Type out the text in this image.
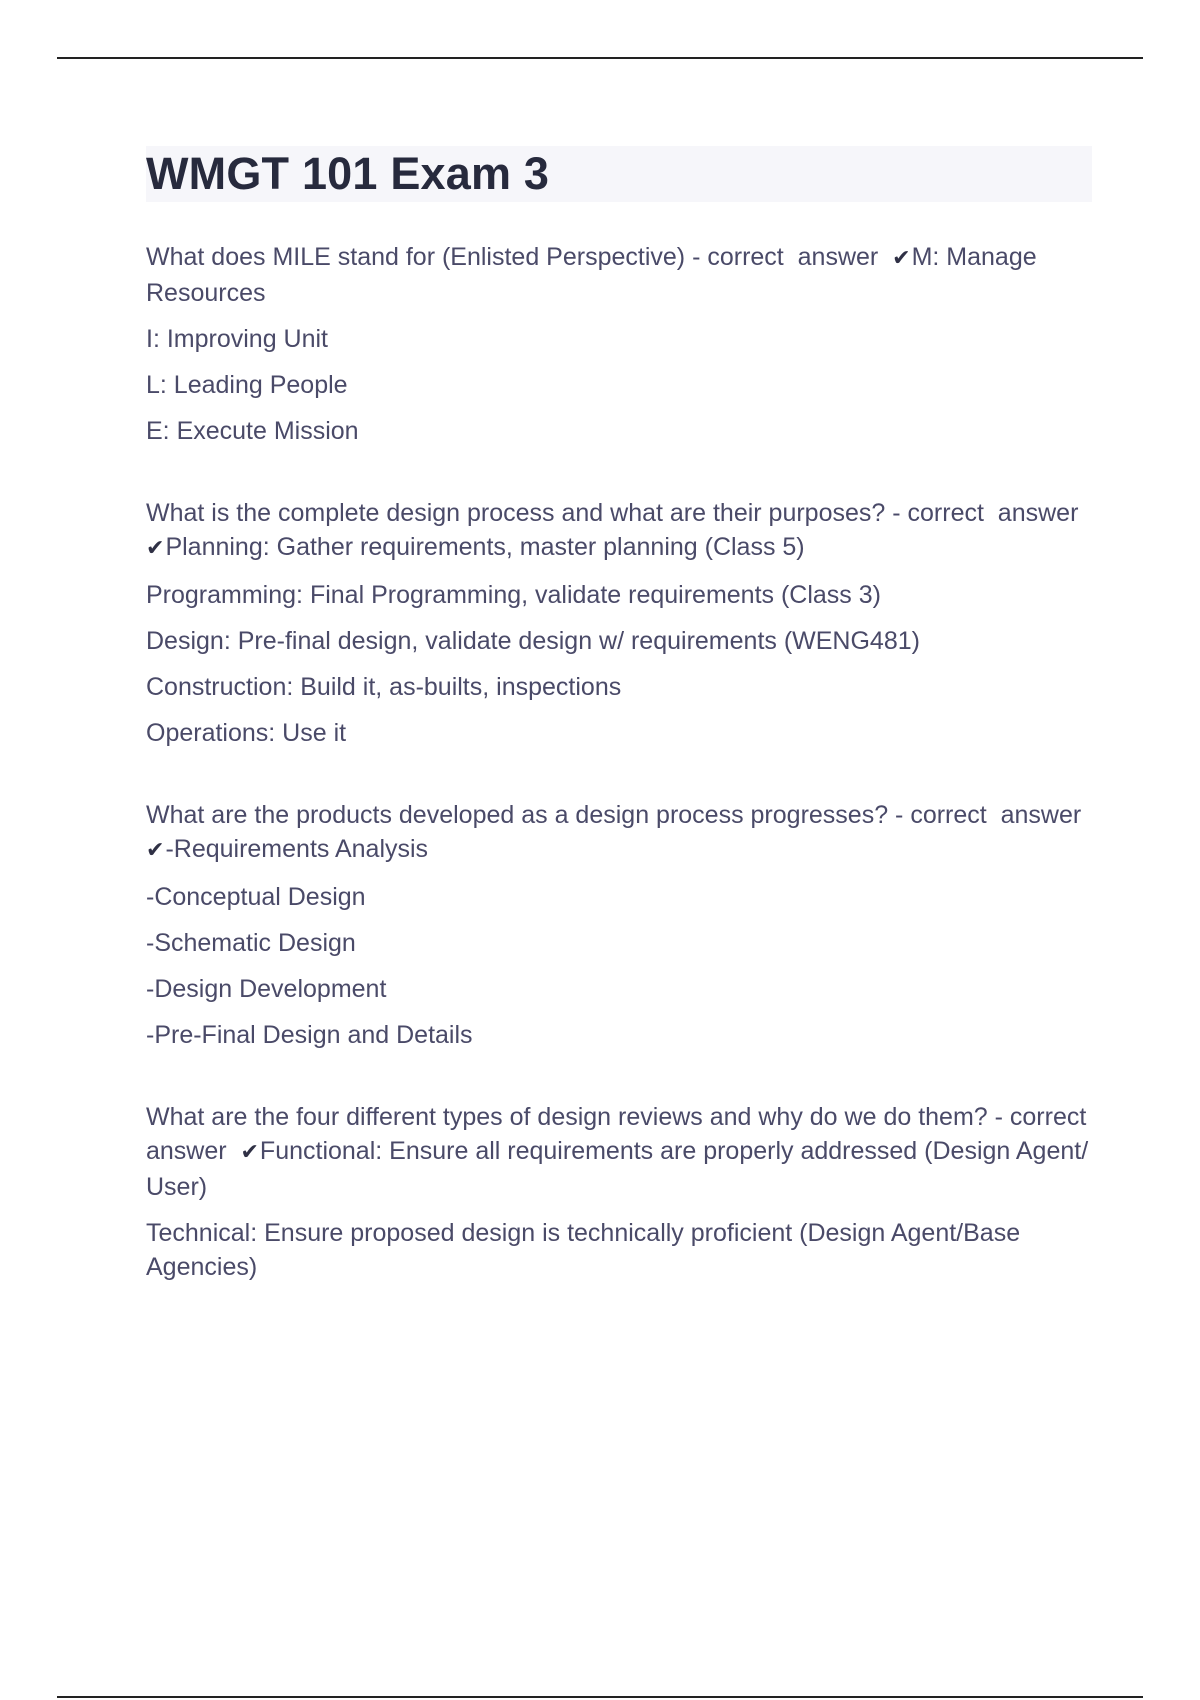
WMGT 101 Exam 3

What does MILE stand for (Enlisted Perspective) - correct  answer  ✔M: Manage Resources

I: Improving Unit

L: Leading People

E: Execute Mission

What is the complete design process and what are their purposes? - correct  answer  ✔Planning: Gather requirements, master planning (Class 5)

Programming: Final Programming, validate requirements (Class 3)

Design: Pre-final design, validate design w/ requirements (WENG481)

Construction: Build it, as-builts, inspections

Operations: Use it

What are the products developed as a design process progresses? - correct  answer  ✔-Requirements Analysis

-Conceptual Design

-Schematic Design

-Design Development

-Pre-Final Design and Details

What are the four different types of design reviews and why do we do them? - correct  answer  ✔Functional: Ensure all requirements are properly addressed (Design Agent/ User)

Technical: Ensure proposed design is technically proficient (Design Agent/Base Agencies)
